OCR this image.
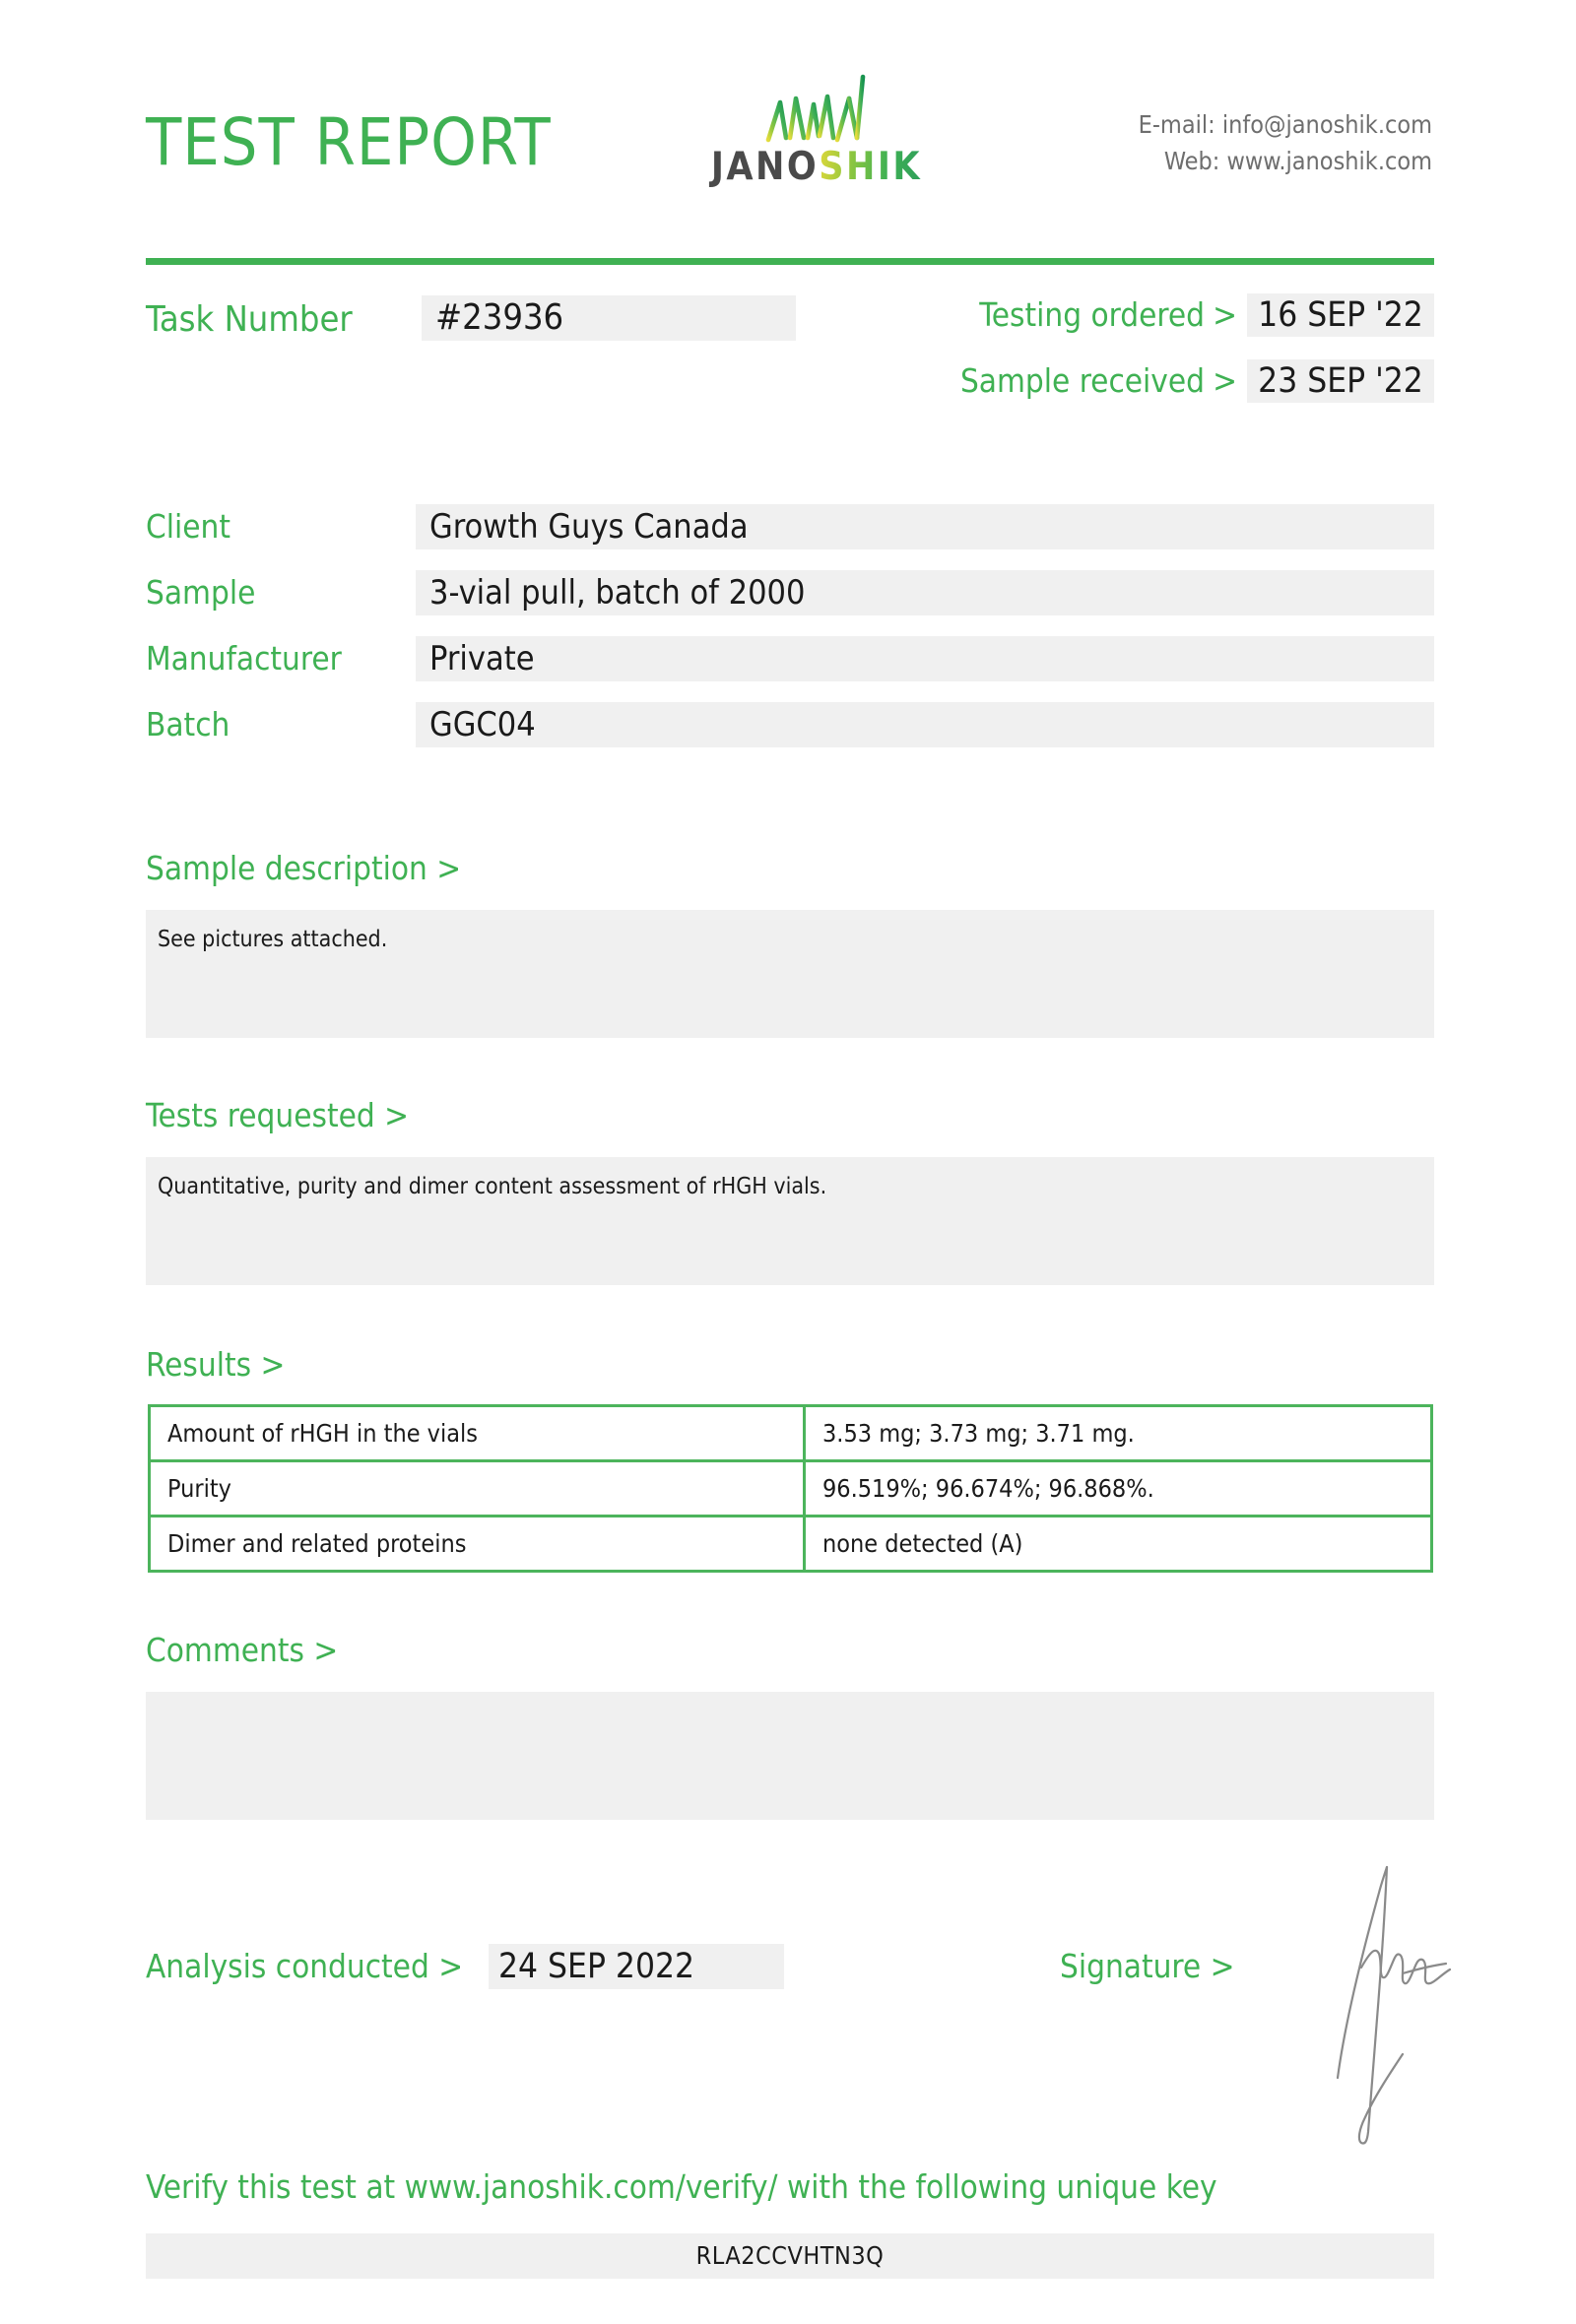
TEST REPORT	JANOSHIK
E-mail: info@janoshik.com
Web: www.janoshik.com
Task Number	#23936	Testing ordered > 16 SEP '22
Sample received > 23 SEP '22
Client	Growth Guys Canada
Sample	3-vial pull, batch of 2000
Manufacturer	Private
Batch	GGC04
Sample description >
See pictures attached.
Tests requested >
Quantitative, purity and dimer content assessment of rHGH vials.
Results >
Amount of rHGH in the vials	3.53 mg; 3.73 mg; 3.71 mg.
Purity	96.519%; 96.674%; 96.868%.
Dimer and related proteins	none detected (A)
Comments >
Analysis conducted > 24 SEP 2022	Signature >
Verify this test at www.janoshik.com/verify/ with the following unique key
RLA2CCVHTN3Q
